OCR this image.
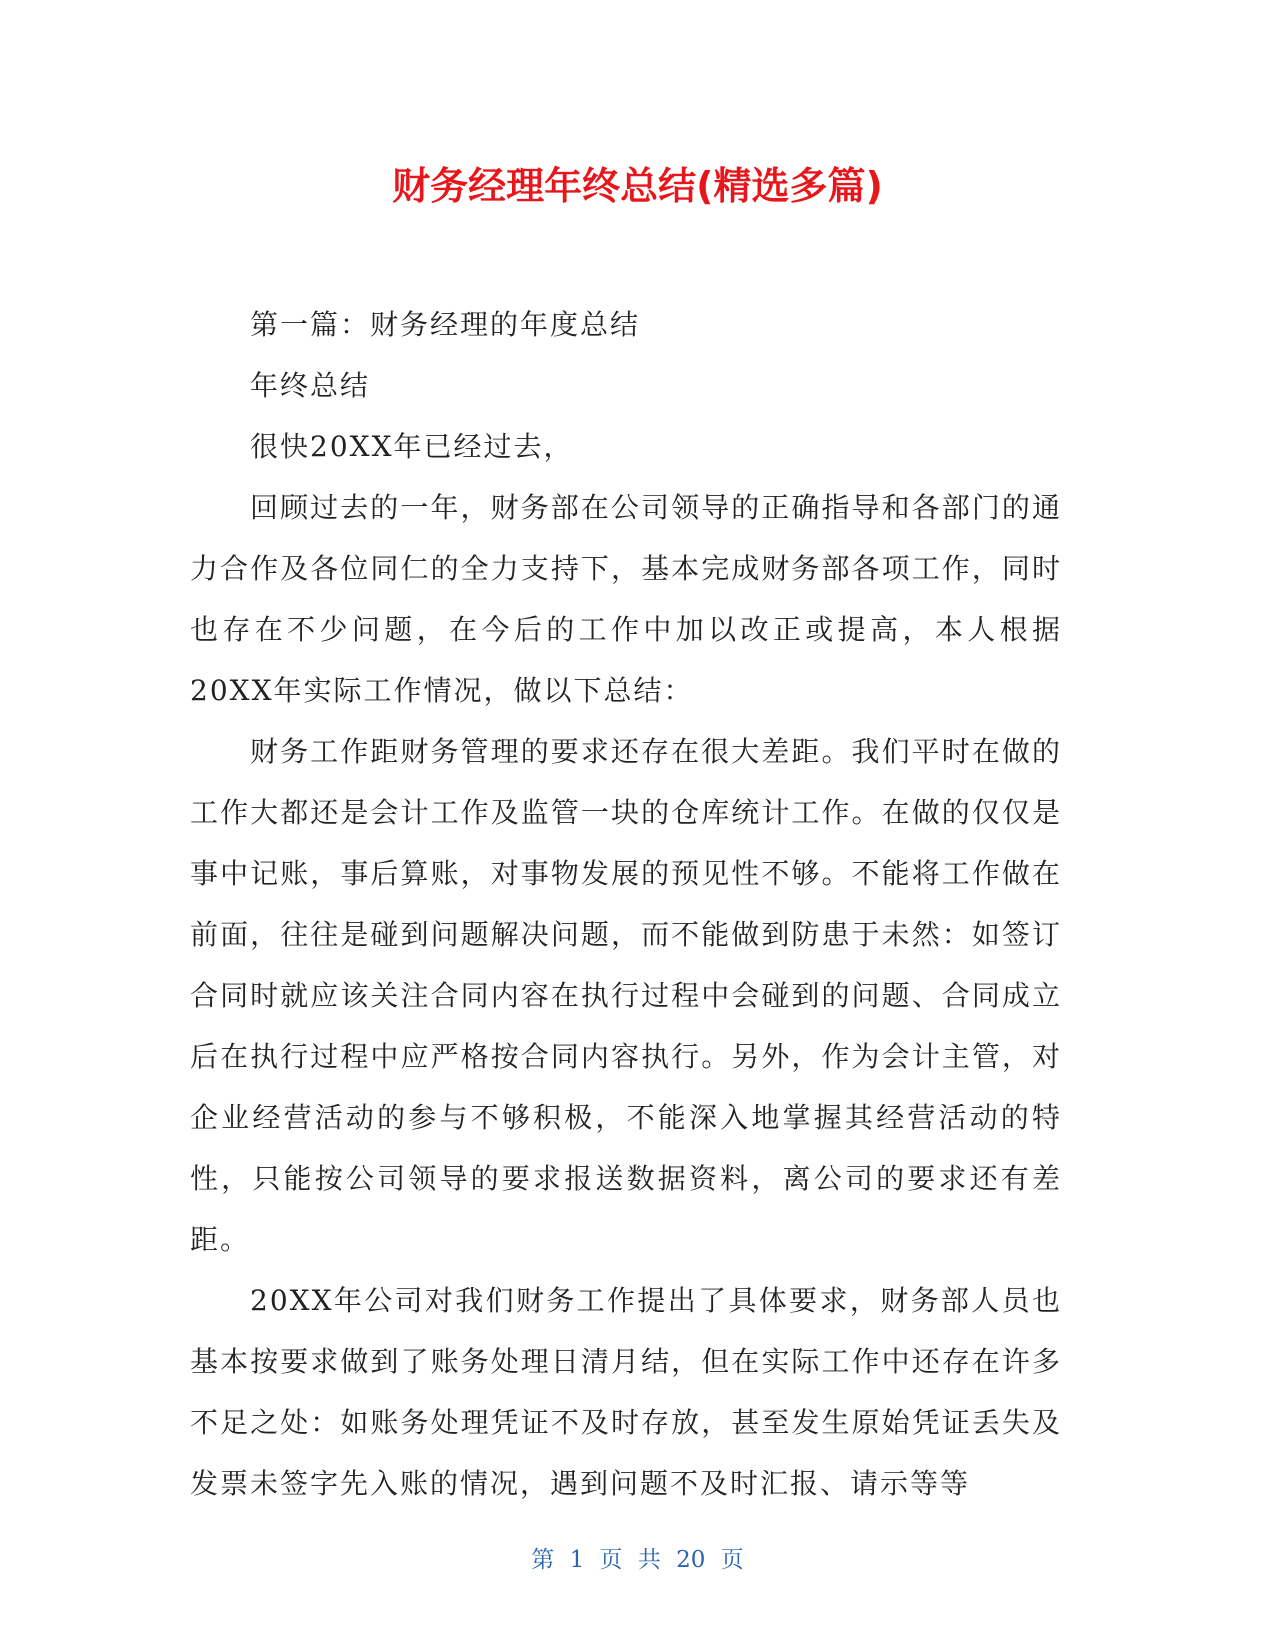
财务经理年终总结(精选多篇)

第一篇：财务经理的年度总结

年终总结

很快20XX年已经过去，

回顾过去的一年，财务部在公司领导的正确指导和各部门的通力合作及各位同仁的全力支持下，基本完成财务部各项工作，同时也存在不少问题，在今后的工作中加以改正或提高，本人根据20XX年实际工作情况，做以下总结：

财务工作距财务管理的要求还存在很大差距。我们平时在做的工作大都还是会计工作及监管一块的仓库统计工作。在做的仅仅是事中记账，事后算账，对事物发展的预见性不够。不能将工作做在前面，往往是碰到问题解决问题，而不能做到防患于未然：如签订合同时就应该关注合同内容在执行过程中会碰到的问题、合同成立后在执行过程中应严格按合同内容执行。另外，作为会计主管，对企业经营活动的参与不够积极，不能深入地掌握其经营活动的特性，只能按公司领导的要求报送数据资料，离公司的要求还有差距。

20XX年公司对我们财务工作提出了具体要求，财务部人员也基本按要求做到了账务处理日清月结，但在实际工作中还存在许多不足之处：如账务处理凭证不及时存放，甚至发生原始凭证丢失及发票未签字先入账的情况，遇到问题不及时汇报、请示等等

第 1 页 共 20 页
